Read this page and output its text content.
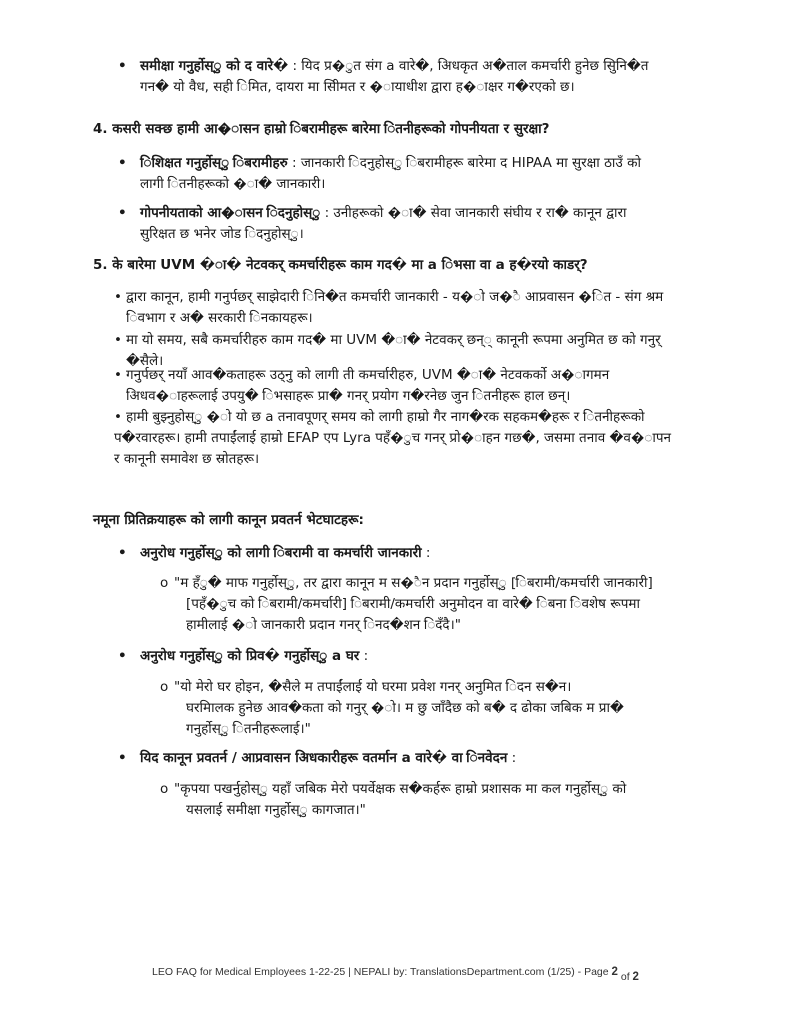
• समीक्षा गनुर्होस्ु को द वारे� : यिद प्र�ुत संग a वारे�, अिधकृत अ�ताल कमर्चारी हुनेछ सुिनि�त
गन� यो वैध, सही िमित, दायरा मा सीिमत र �ायाधीश द्वारा ह�ाक्षर ग�रएको छ।
4. कसरी सक्छ हामी आ�ासन हाम्रो िबरामीहरू बारेमा ितनीहरूको गोपनीयता र सुरक्षा?
• िशिक्षत गनुर्होस्ु िबरामीहरु : जानकारी िदनुहोस्ु िबरामीहरू बारेमा द HIPAA मा सुरक्षा ठाउँ को
लागी ितनीहरूको �ा� जानकारी।
• गोपनीयताको आ�ासन िदनुहोस्ु : उनीहरूको �ा� सेवा जानकारी संघीय र रा� कानून द्वारा
सुरिक्षत छ भनेर जोड िदनुहोस्ु।
5. के बारेमा UVM �ा� नेटवकर् कमर्चारीहरू काम गद� मा a िभसा वा a ह�रयो काडर्?
• द्वारा कानून, हामी गनुर्पछर् साझेदारी िनि�त कमर्चारी जानकारी - य�ो ज�ै आप्रवासन �ित - संग श्रम
िवभाग र अ� सरकारी िनकायहरू।
• मा यो समय, सबै कमर्चारीहरु काम गद� मा UVM �ा� नेटवकर् छन्् कानूनी रूपमा अनुमित छ को गनुर्
�सैले।
• गनुर्पछर् नयाँ आव�कताहरू उठ्नु को लागी ती कमर्चारीहरु, UVM �ा� नेटवकर्को अ�ागमन
अिधव�ाहरूलाई उपयु� िभसाहरू प्रा� गनर् प्रयोग ग�रनेछ जुन ितनीहरू हाल छन्।
• हामी बुझ्नुहोस्ु �ो यो छ a तनावपूणर् समय को लागी हाम्रो गैर नाग�रक सहकम�हरू र ितनीहरूको
प�रवारहरू। हामी तपाईंलाई हाम्रो EFAP एप Lyra पहँ�ुच गनर् प्रो�ाहन गछ�, जसमा तनाव �व�ापन
र कानूनी समावेश छ स्रोतहरू।
नमूना प्रितिक्रयाहरू को लागी कानून प्रवतर्न भेटघाटहरू:
• अनुरोध गनुर्होस्ु को लागी िबरामी वा कमर्चारी जानकारी :
o "म हँु� माफ गनुर्होस्ु, तर द्वारा कानून म स�ैन प्रदान गनुर्होस्ु [िबरामी/कमर्चारी जानकारी]
[पहँ�ुच को िबरामी/कमर्चारी] िबरामी/कमर्चारी अनुमोदन वा वारे� िबना िवशेष रूपमा
हामीलाई �ो जानकारी प्रदान गनर् िनद�शन िदँदै।"
• अनुरोध गनुर्होस्ु को प्रिव� गनुर्होस्ु a घर :
o "यो मेरो घर होइन, �सैले म तपाईंलाई यो घरमा प्रवेश गनर् अनुमित िदन स�न।
घरमािलक हुनेछ आव�कता को गनुर् �ो। म छु जाँदैछ को ब� द ढोका जबिक म प्रा�
गनुर्होस्ु ितनीहरूलाई।"
• यिद कानून प्रवतर्न / आप्रवासन अिधकारीहरू वतर्मान a वारे� वा िनवेदन :
o "कृपया पखर्नुहोस्ु यहाँ जबिक मेरो पयर्वेक्षक स�कर्हरू हाम्रो प्रशासक मा कल गनुर्होस्ु को
यसलाई समीक्षा गनुर्होस्ु कागजात।"
LEO FAQ for Medical Employees 1-22-25 | NEPALI by: TranslationsDepartment.com (1/25) - Page 2 of 2
